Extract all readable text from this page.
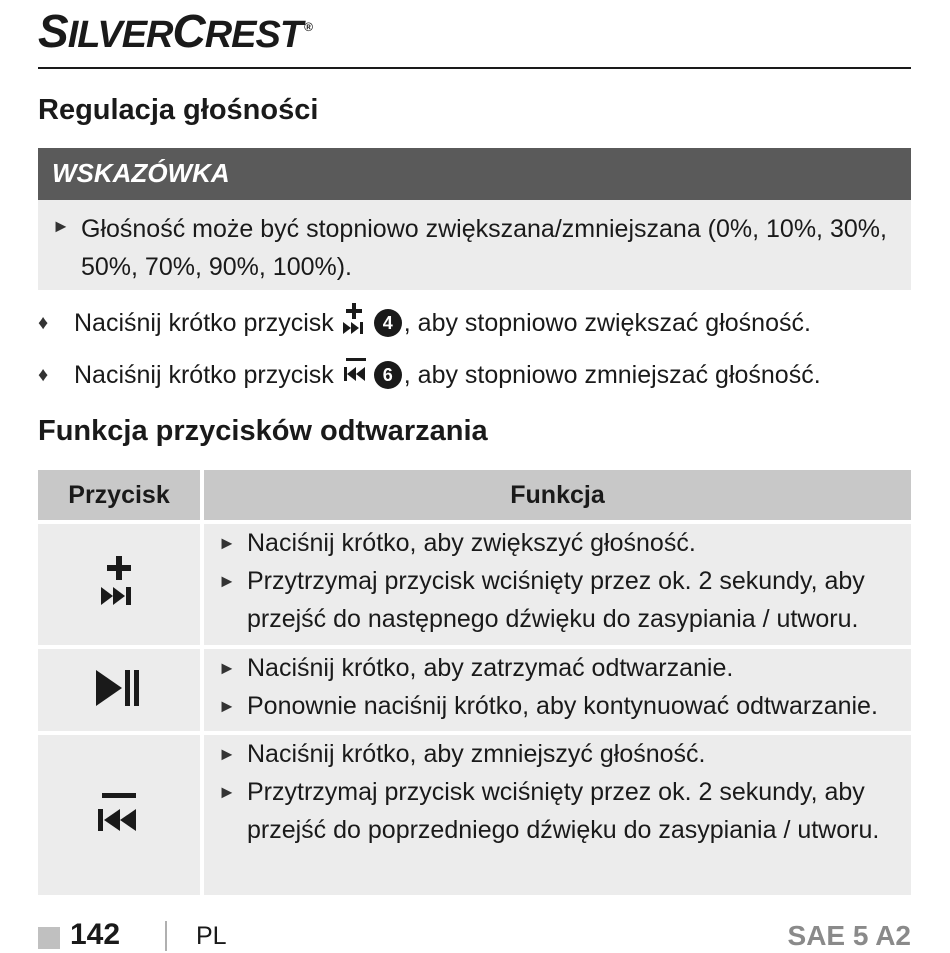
SILVERCREST ®
Regulacja głośności
WSKAZÓWKA
► Głośność może być stopniowo zwiększana/zmniejszana (0%, 10%, 30%, 50%, 70%, 90%, 100%).
♦	Naciśnij krótko przycisk	4 , aby stopniowo zwiększać głośność.
♦	Naciśnij krótko przycisk	6 , aby stopniowo zmniejszać głośność.
Funkcja przycisków odtwarzania
Przycisk	Funkcja

► Naciśnij krótko, aby zwiększyć głośność.
► Przytrzymaj przycisk wciśnięty przez ok. 2 sekundy, aby przejść do następnego dźwięku do zasypiania / utworu.

► Naciśnij krótko, aby zatrzymać odtwarzanie.
► Ponownie naciśnij krótko, aby kontynuować odtwarzanie.

► Naciśnij krótko, aby zmniejszyć głośność.
► Przytrzymaj przycisk wciśnięty przez ok. 2 sekundy, aby przejść do poprzedniego dźwięku do zasypiania / utworu.
142	PL	SAE 5 A2
